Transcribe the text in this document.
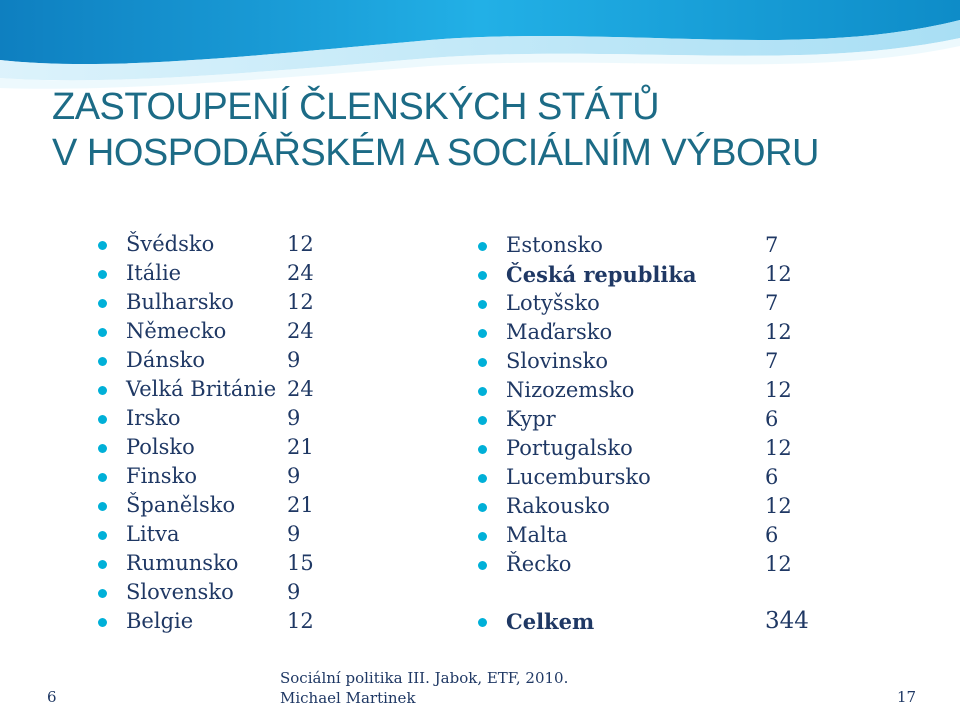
ZASTOUPENÍ ČLENSKÝCH STÁTŮ
V HOSPODÁŘSKÉM A SOCIÁLNÍM VÝBORU
Švédsko	12
Itálie	24
Bulharsko	12
Německo	24
Dánsko	9
Velká Británie 24
Irsko	9
Polsko	21
Finsko	9
Španělsko 21
Litva	9
Rumunsko 15
Slovensko	9
Belgie	12
Estonsko	7
Česká republika	12
Lotyšsko	7
Maďarsko	12
Slovinsko	7
Nizozemsko	12
Kypr	6
Portugalsko	12
Lucembursko	6
Rakousko	12
Malta	6
Řecko	12
Celkem	344
6
Sociální politika III. Jabok, ETF, 2010.
Michael Martinek	17
